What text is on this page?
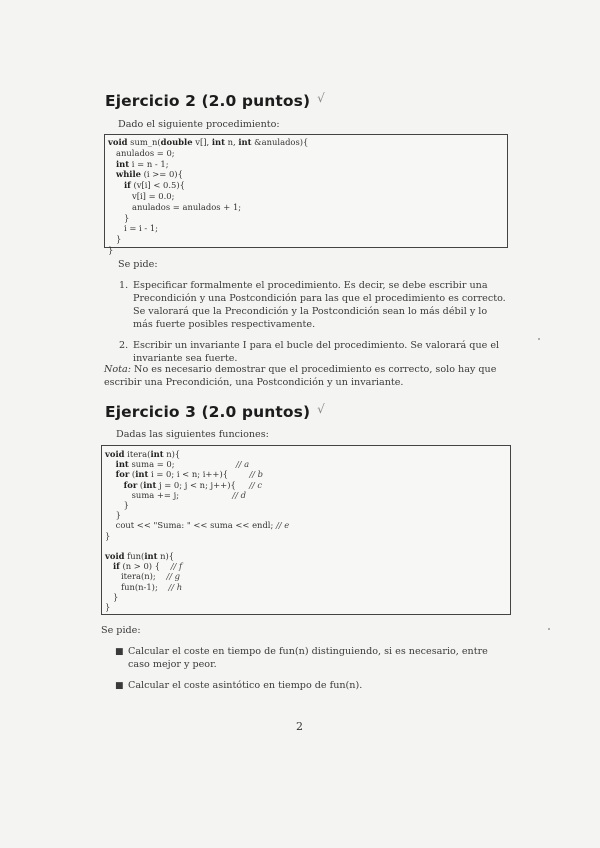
Ejercicio 2 (2.0 puntos) √
Dado el siguiente procedimiento:
void sum_n(double v[], int n, int &anulados){
anulados = 0;
int i = n - 1;
while (i >= 0){
if (v[i] < 0.5){
v[i] = 0.0;
anulados = anulados + 1;
}
i = i - 1;
}
}
Se pide:
1. Especificar formalmente el procedimiento. Es decir, se debe escribir una Precondición y una Postcondición para las que el procedimiento es correcto. Se valorará que la Precondición y la Postcondición sean lo más débil y lo más fuerte posibles respectivamente.
2. Escribir un invariante I para el bucle del procedimiento. Se valorará que el invariante sea fuerte.
Nota: No es necesario demostrar que el procedimiento es correcto, solo hay que escribir una Precondición, una Postcondición y un invariante.
Ejercicio 3 (2.0 puntos) √
Dadas las siguientes funciones:
void itera(int n){
int suma = 0;                       // a
for (int i = 0; i < n; i++){        // b
for (int j = 0; j < n; j++){     // c
suma += j;	// d
}
}
cout << "Suma: " << suma << endl; // e
}

void fun(int n){
if (n > 0) {    // f
itera(n);    // g
fun(n-1);    // h
}
}
Se pide:
■ Calcular el coste en tiempo de fun(n) distinguiendo, si es necesario, entre caso mejor y peor.
■ Calcular el coste asintótico en tiempo de fun(n).
2
